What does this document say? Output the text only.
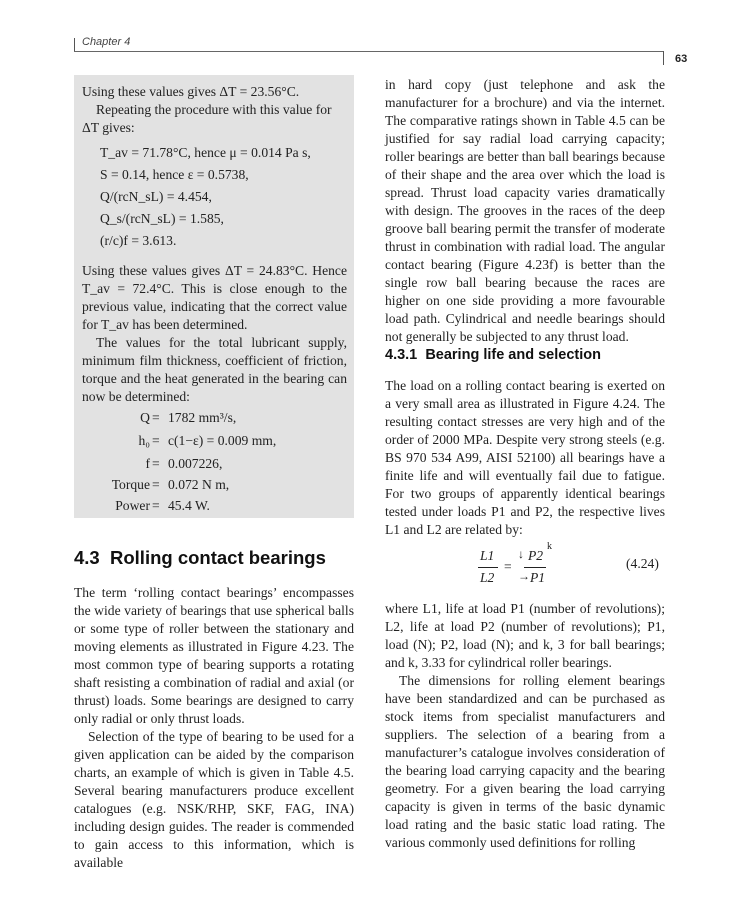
Chapter 4
63

Using these values gives ΔT = 23.56°C.

Repeating the procedure with this value for ΔT gives:

T_av = 71.78°C, hence μ = 0.014 Pa s,
S = 0.14, hence ε = 0.5738,
Q/(rcN_sL) = 4.454,
Q_s/(rcN_sL) = 1.585,
(r/c)f = 3.613.

Using these values gives ΔT = 24.83°C. Hence T_av = 72.4°C. This is close enough to the previous value, indicating that the correct value for T_av has been determined.

The values for the total lubricant supply, minimum film thickness, coefficient of friction, torque and the heat generated in the bearing can now be determined:

Q = 1782 mm³/s,
h₀ = c(1−ε) = 0.009 mm,
f = 0.007226,
Torque = 0.072 N m,
Power = 45.4 W.
4.3 Rolling contact bearings

The term ‘rolling contact bearings’ encompasses the wide variety of bearings that use spherical balls or some type of roller between the stationary and moving elements as illustrated in Figure 4.23. The most common type of bearing supports a rotating shaft resisting a combination of radial and axial (or thrust) loads. Some bearings are designed to carry only radial or only thrust loads.

Selection of the type of bearing to be used for a given application can be aided by the comparison charts, an example of which is given in Table 4.5. Several bearing manufacturers produce excellent catalogues (e.g. NSK/RHP, SKF, FAG, INA) including design guides. The reader is commended to gain access to this information, which is available

in hard copy (just telephone and ask the manufacturer for a brochure) and via the internet. The comparative ratings shown in Table 4.5 can be justified for say radial load carrying capacity; roller bearings are better than ball bearings because of their shape and the area over which the load is spread. Thrust load capacity varies dramatically with design. The grooves in the races of the deep groove ball bearing permit the transfer of moderate thrust in combination with radial load. The angular contact bearing (Figure 4.23f) is better than the single row ball bearing because the races are higher on one side providing a more favourable load path. Cylindrical and needle bearings should not generally be subjected to any thrust load.

4.3.1 Bearing life and selection

The load on a rolling contact bearing is exerted on a very small area as illustrated in Figure 4.24. The resulting contact stresses are very high and of the order of 2000 MPa. Despite very strong steels (e.g. BS 970 534 A99, AISI 52100) all bearings have a finite life and will eventually fail due to fatigue. For two groups of apparently identical bearings tested under loads P1 and P2, the respective lives L1 and L2 are related by:

L1
L2
=
↓ P2
→ P1
k
(4.24)

where L1, life at load P1 (number of revolutions); L2, life at load P2 (number of revolutions); P1, load (N); P2, load (N); and k, 3 for ball bearings; and k, 3.33 for cylindrical roller bearings.

The dimensions for rolling element bearings have been standardized and can be purchased as stock items from specialist manufacturers and suppliers. The selection of a bearing from a manufacturer’s catalogue involves consideration of the bearing load carrying capacity and the bearing geometry. For a given bearing the load carrying capacity is given in terms of the basic dynamic load rating and the basic static load rating. The various commonly used definitions for rolling
